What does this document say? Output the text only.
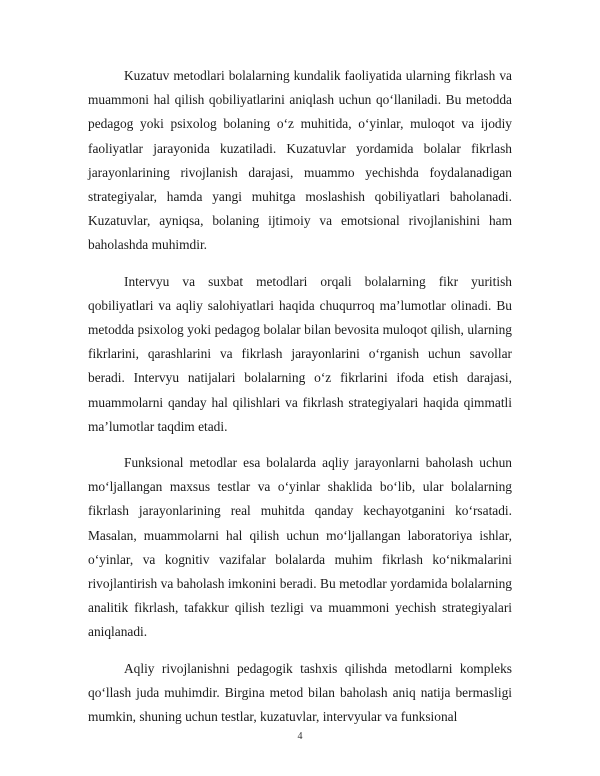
Kuzatuv metodlari bolalarning kundalik faoliyatida ularning fikrlash va muammoni hal qilish qobiliyatlarini aniqlash uchun qo‘llaniladi. Bu metodda pedagog yoki psixolog bolaning o‘z muhitida, o‘yinlar, muloqot va ijodiy faoliyatlar jarayonida kuzatiladi. Kuzatuvlar yordamida bolalar fikrlash jarayonlarining rivojlanish darajasi, muammo yechishda foydalanadigan strategiyalar, hamda yangi muhitga moslashish qobiliyatlari baholanadi. Kuzatuvlar, ayniqsa, bolaning ijtimoiy va emotsional rivojlanishini ham baholashda muhimdir.

Intervyu va suxbat metodlari orqali bolalarning fikr yuritish qobiliyatlari va aqliy salohiyatlari haqida chuqurroq ma’lumotlar olinadi. Bu metodda psixolog yoki pedagog bolalar bilan bevosita muloqot qilish, ularning fikrlarini, qarashlarini va fikrlash jarayonlarini o‘rganish uchun savollar beradi. Intervyu natijalari bolalarning o‘z fikrlarini ifoda etish darajasi, muammolarni qanday hal qilishlari va fikrlash strategiyalari haqida qimmatli ma’lumotlar taqdim etadi.

Funksional metodlar esa bolalarda aqliy jarayonlarni baholash uchun mo‘ljallangan maxsus testlar va o‘yinlar shaklida bo‘lib, ular bolalarning fikrlash jarayonlarining real muhitda qanday kechayotganini ko‘rsatadi. Masalan, muammolarni hal qilish uchun mo‘ljallangan laboratoriya ishlar, o‘yinlar, va kognitiv vazifalar bolalarda muhim fikrlash ko‘nikmalarini rivojlantirish va baholash imkonini beradi. Bu metodlar yordamida bolalarning analitik fikrlash, tafakkur qilish tezligi va muammoni yechish strategiyalari aniqlanadi.

Aqliy rivojlanishni pedagogik tashxis qilishda metodlarni kompleks qo‘llash juda muhimdir. Birgina metod bilan baholash aniq natija bermasligi mumkin, shuning uchun testlar, kuzatuvlar, intervyular va funksional

4
